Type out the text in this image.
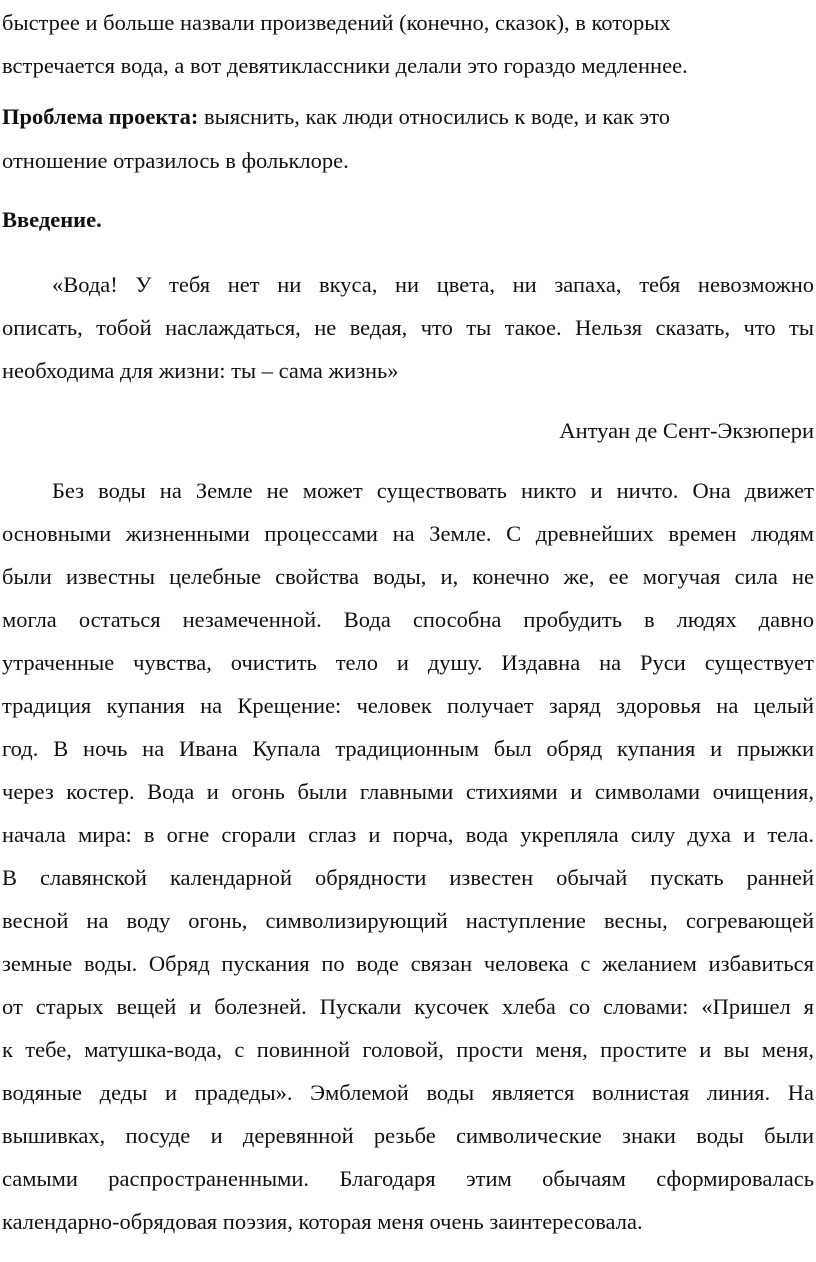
быстрее и больше назвали произведений (конечно, сказок), в которых

встречается вода, а вот девятиклассники делали это гораздо медленнее.

Проблема проекта: выяснить, как люди относились к воде, и как это

отношение отразилось в фольклоре.

Введение.

«Вода! У тебя нет ни вкуса, ни цвета, ни запаха, тебя невозможно

описать, тобой наслаждаться, не ведая, что ты такое. Нельзя сказать, что ты

необходима для жизни: ты – сама жизнь»

Антуан де Сент-Экзюпери

Без воды на Земле не может существовать никто и ничто. Она движет

основными жизненными процессами на Земле. С древнейших времен людям

были известны целебные свойства воды, и, конечно же, ее могучая сила не

могла остаться незамеченной. Вода способна пробудить в людях давно

утраченные чувства, очистить тело и душу. Издавна на Руси существует

традиция купания на Крещение: человек получает заряд здоровья на целый

год. В ночь на Ивана Купала традиционным был обряд купания и прыжки

через костер. Вода и огонь были главными стихиями и символами очищения,

начала мира: в огне сгорали сглаз и порча, вода укрепляла силу духа и тела.

В славянской календарной обрядности известен обычай пускать ранней

весной на воду огонь, символизирующий наступление весны, согревающей

земные воды. Обряд пускания по воде связан человека с желанием избавиться

от старых вещей и болезней. Пускали кусочек хлеба со словами: «Пришел я

к тебе, матушка-вода, с повинной головой, прости меня, простите и вы меня,

водяные деды и прадеды». Эмблемой воды является волнистая линия. На

вышивках, посуде и деревянной резьбе символические знаки воды были

самыми распространенными. Благодаря этим обычаям сформировалась

календарно-обрядовая поэзия, которая меня очень заинтересовала.
